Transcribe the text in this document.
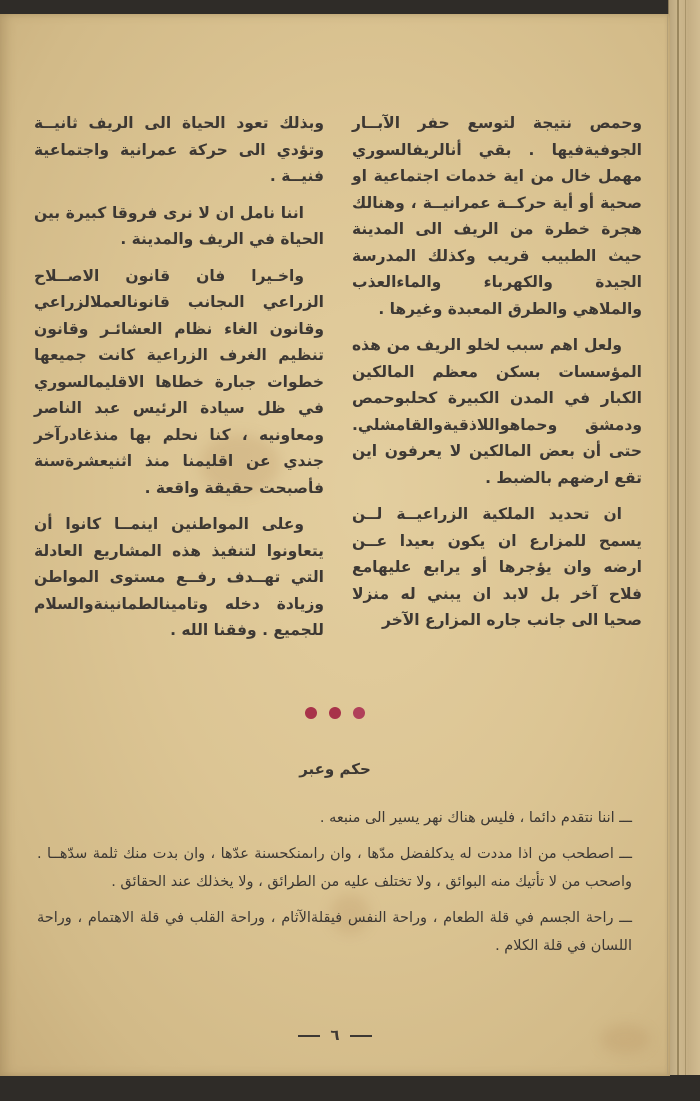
وحمص نتيجة لتوسع حفر الآبــار الجوفيةفيها . بقي أنالريفالسوري مهمل خال من اية خدمات اجتماعية او صحية أو أية حركــة عمرانيــة ، وهنالك هجرة خطرة من الريف الى المدينة حيث الطبيب قريب وكذلك المدرسة الجيدة والكهرباء والماءالعذب والملاهي والطرق المعبدة وغيرها .

ولعل اهم سبب لخلو الريف من هذه المؤسسات بسكن معظم المالكين الكبار في المدن الكبيرة كحلبوحمص ودمشق وحماهواللاذقيةوالقامشلي. حتى أن بعض المالكين لا يعرفون اين تقع ارضهم بالضبط .

ان تحديد الملكية الزراعيــة لــن يسمح للمزارع ان يكون بعيدا عــن ارضه وان يؤجرها أو يرابع عليهامع فلاح آخر بل لابد ان يبني له منزلا صحيا الى جانب جاره المزارع الآخر

وبذلك تعود الحياة الى الريف ثانيــة وتؤدي الى حركة عمرانية واجتماعية فنيــة .

اننا نامل ان لا نرى فروقا كبيرة بين الحياة في الريف والمدينة .

واخـيرا فان قانون الاصــلاح الزراعي الىجانب قانونالعملالزراعي وقانون الغاء نظام العشائـر وقانون تنظيم الغرف الزراعية كانت جميعها خطوات جبارة خطاها الاقليمالسوري في ظل سيادة الرئيس عبد الناصر ومعاونيه ، كنا نحلم بها منذغادرآخر جندي عن اقليمنا منذ اثنيعشرةسنة فأصبحت حقيقة واقعة .

وعلى المواطنين اينمــا كانوا أن يتعاونوا لتنفيذ هذه المشاريع العادلة التي تهــدف رفــع مستوى المواطن وزيادة دخله وتامينالطمانينةوالسلام للجميع . وفقنا الله .

حكم وعبر

ـــ اننا نتقدم دائما ، فليس هناك نهر يسير الى منبعه .

ـــ اصطحب من اذا مددت له يدكلفضل مدّها ، وان راىمنكحسنة عدّها ، وان بدت منك ثلمة سدّهــا . واصحب من لا تأتيك منه البوائق ، ولا تختلف عليه من الطرائق ، ولا يخذلك عند الحقائق .

ـــ راحة الجسم في قلة الطعام ، وراحة النفس فيقلةالآثام ، وراحة القلب في قلة الاهتمام ، وراحة اللسان في قلة الكلام .

٦
